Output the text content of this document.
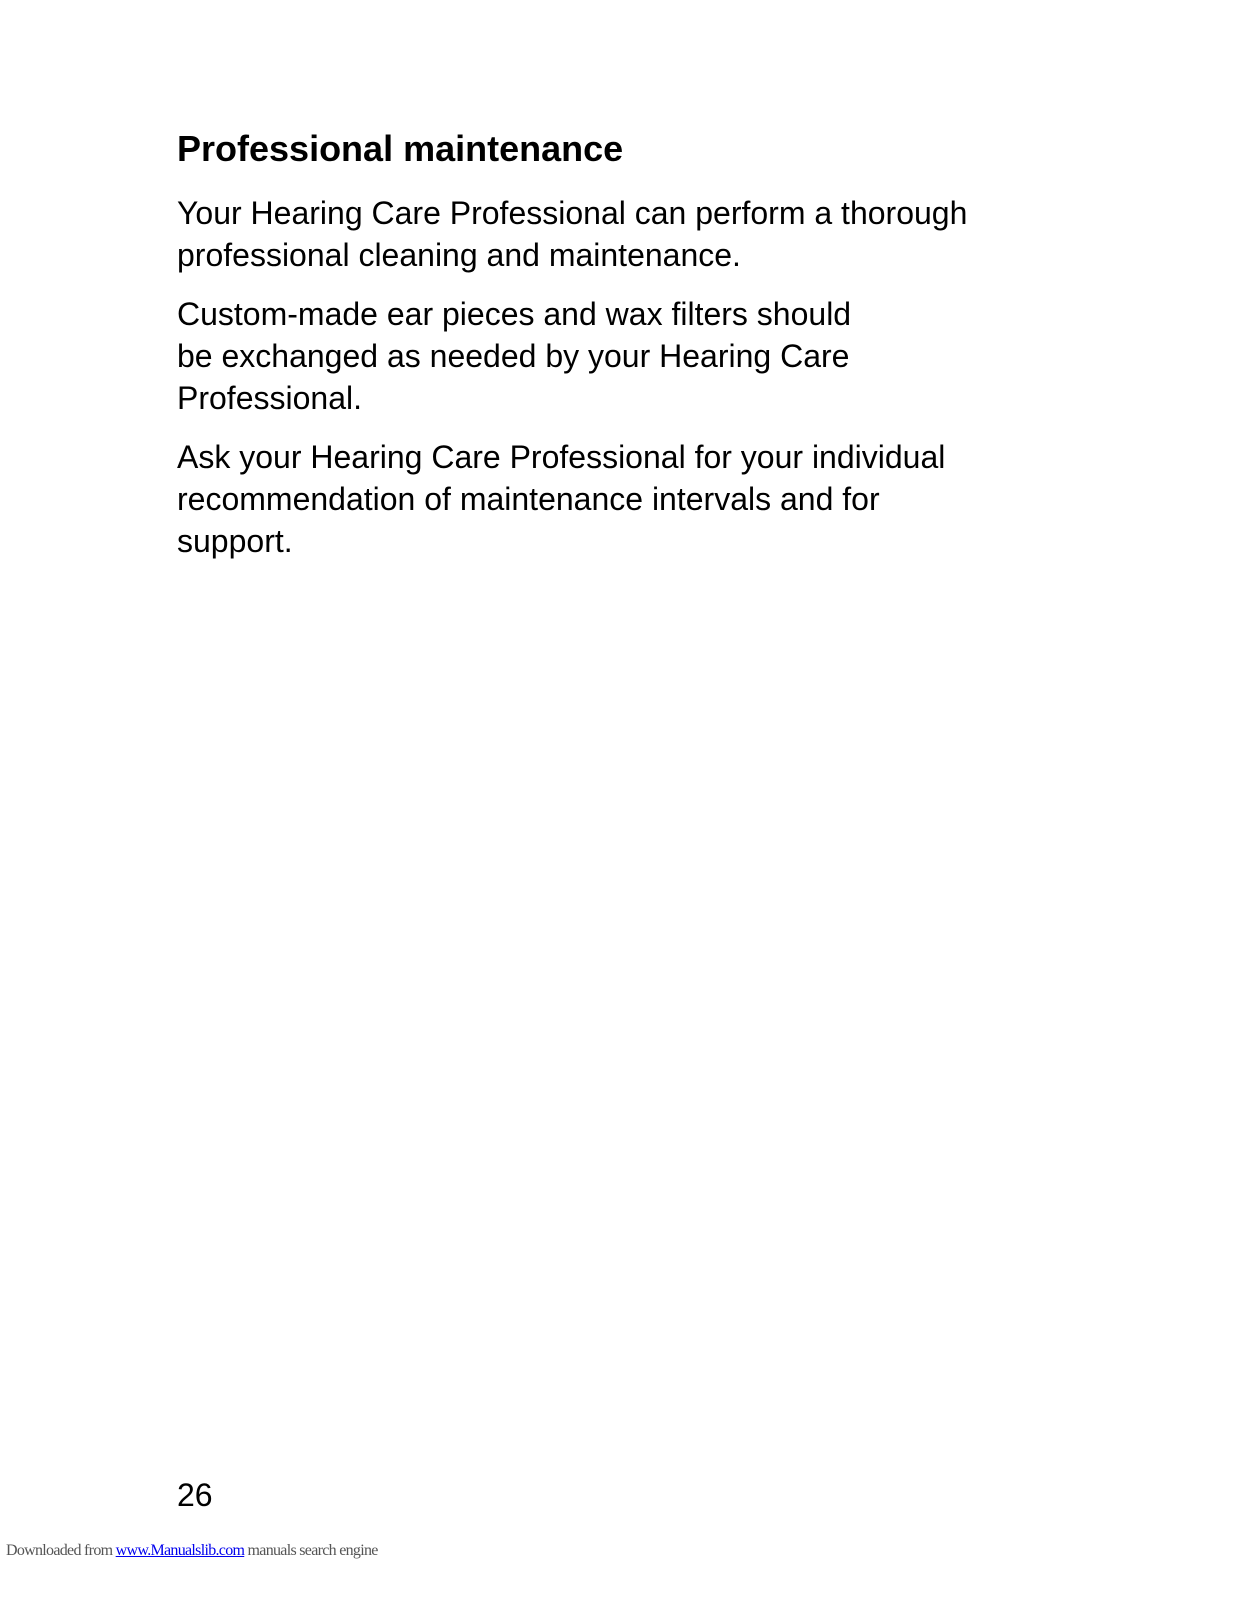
Professional maintenance

Your Hearing Care Professional can perform a thorough
professional cleaning and maintenance.

Custom-made ear pieces and wax filters should
be exchanged as needed by your Hearing Care
Professional.

Ask your Hearing Care Professional for your individual
recommendation of maintenance intervals and for
support.

26
Downloaded from www.Manualslib.com manuals search engine
